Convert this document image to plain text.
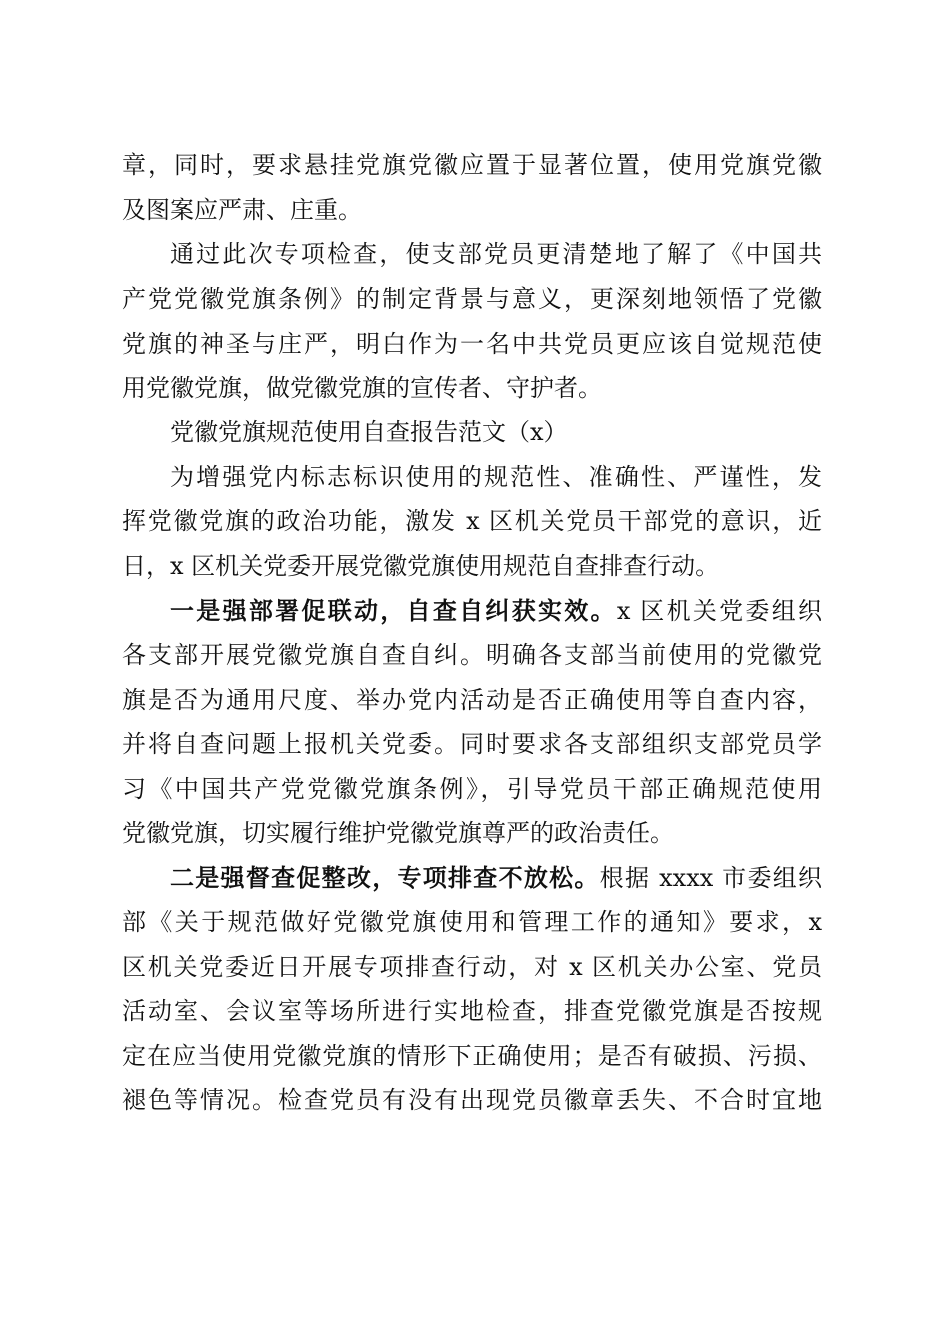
章，同时，要求悬挂党旗党徽应置于显著位置，使用党旗党徽
及图案应严肃、庄重。
通过此次专项检查，使支部党员更清楚地了解了《中国共
产党党徽党旗条例》的制定背景与意义，更深刻地领悟了党徽
党旗的神圣与庄严，明白作为一名中共党员更应该自觉规范使
用党徽党旗，做党徽党旗的宣传者、守护者。
党徽党旗规范使用自查报告范文（x）
为增强党内标志标识使用的规范性、准确性、严谨性，发
挥党徽党旗的政治功能，激发 x 区机关党员干部党的意识，近
日，x 区机关党委开展党徽党旗使用规范自查排查行动。
一是强部署促联动，自查自纠获实效。x 区机关党委组织
各支部开展党徽党旗自查自纠。明确各支部当前使用的党徽党
旗是否为通用尺度、举办党内活动是否正确使用等自查内容，
并将自查问题上报机关党委。同时要求各支部组织支部党员学
习《中国共产党党徽党旗条例》，引导党员干部正确规范使用
党徽党旗，切实履行维护党徽党旗尊严的政治责任。
二是强督查促整改，专项排查不放松。根据 xxxx 市委组织
部《关于规范做好党徽党旗使用和管理工作的通知》要求，x
区机关党委近日开展专项排查行动，对 x 区机关办公室、党员
活动室、会议室等场所进行实地检查，排查党徽党旗是否按规
定在应当使用党徽党旗的情形下正确使用；是否有破损、污损、
褪色等情况。检查党员有没有出现党员徽章丢失、不合时宜地
